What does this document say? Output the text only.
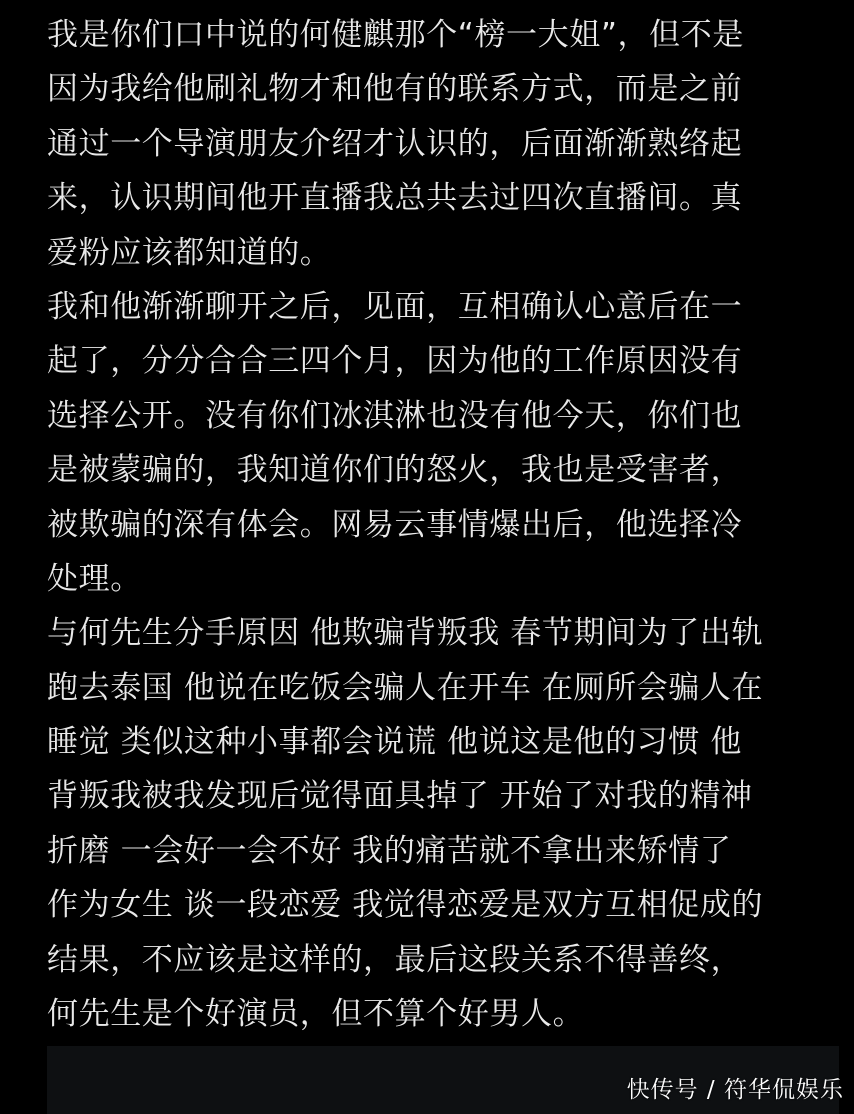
我是你们口中说的何健麒那个“榜一大姐”，但不是
因为我给他刷礼物才和他有的联系方式，而是之前
通过一个导演朋友介绍才认识的，后面渐渐熟络起
来，认识期间他开直播我总共去过四次直播间。真
爱粉应该都知道的。
我和他渐渐聊开之后，见面，互相确认心意后在一
起了，分分合合三四个月，因为他的工作原因没有
选择公开。没有你们冰淇淋也没有他今天，你们也
是被蒙骗的，我知道你们的怒火，我也是受害者，
被欺骗的深有体会。网易云事情爆出后，他选择冷
处理。
与何先生分手原因 他欺骗背叛我 春节期间为了出轨
跑去泰国 他说在吃饭会骗人在开车 在厕所会骗人在
睡觉 类似这种小事都会说谎 他说这是他的习惯 他
背叛我被我发现后觉得面具掉了 开始了对我的精神
折磨 一会好一会不好 我的痛苦就不拿出来矫情了
作为女生 谈一段恋爱 我觉得恋爱是双方互相促成的
结果，不应该是这样的，最后这段关系不得善终，
何先生是个好演员，但不算个好男人。
快传号 / 符华侃娱乐
